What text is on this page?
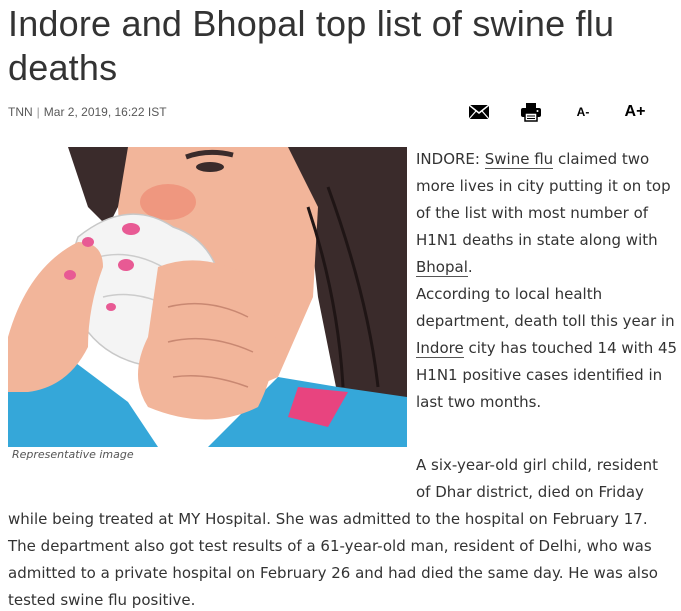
Indore and Bhopal top list of swine flu deaths
TNN | Mar 2, 2019, 16:22 IST	A-	A+
Representative image

INDORE: Swine flu claimed two more lives in city putting it on top of the list with most number of H1N1 deaths in state along with Bhopal.

According to local health department, death toll this year in Indore city has touched 14 with 45 H1N1 positive cases identified in last two months.

A six-year-old girl child, resident
of Dhar district, died on Friday

while being treated at MY Hospital. She was admitted to the hospital on February 17. The department also got test results of a 61-year-old man, resident of Delhi, who was admitted to a private hospital on February 26 and had died the same day. He was also tested swine flu positive.
